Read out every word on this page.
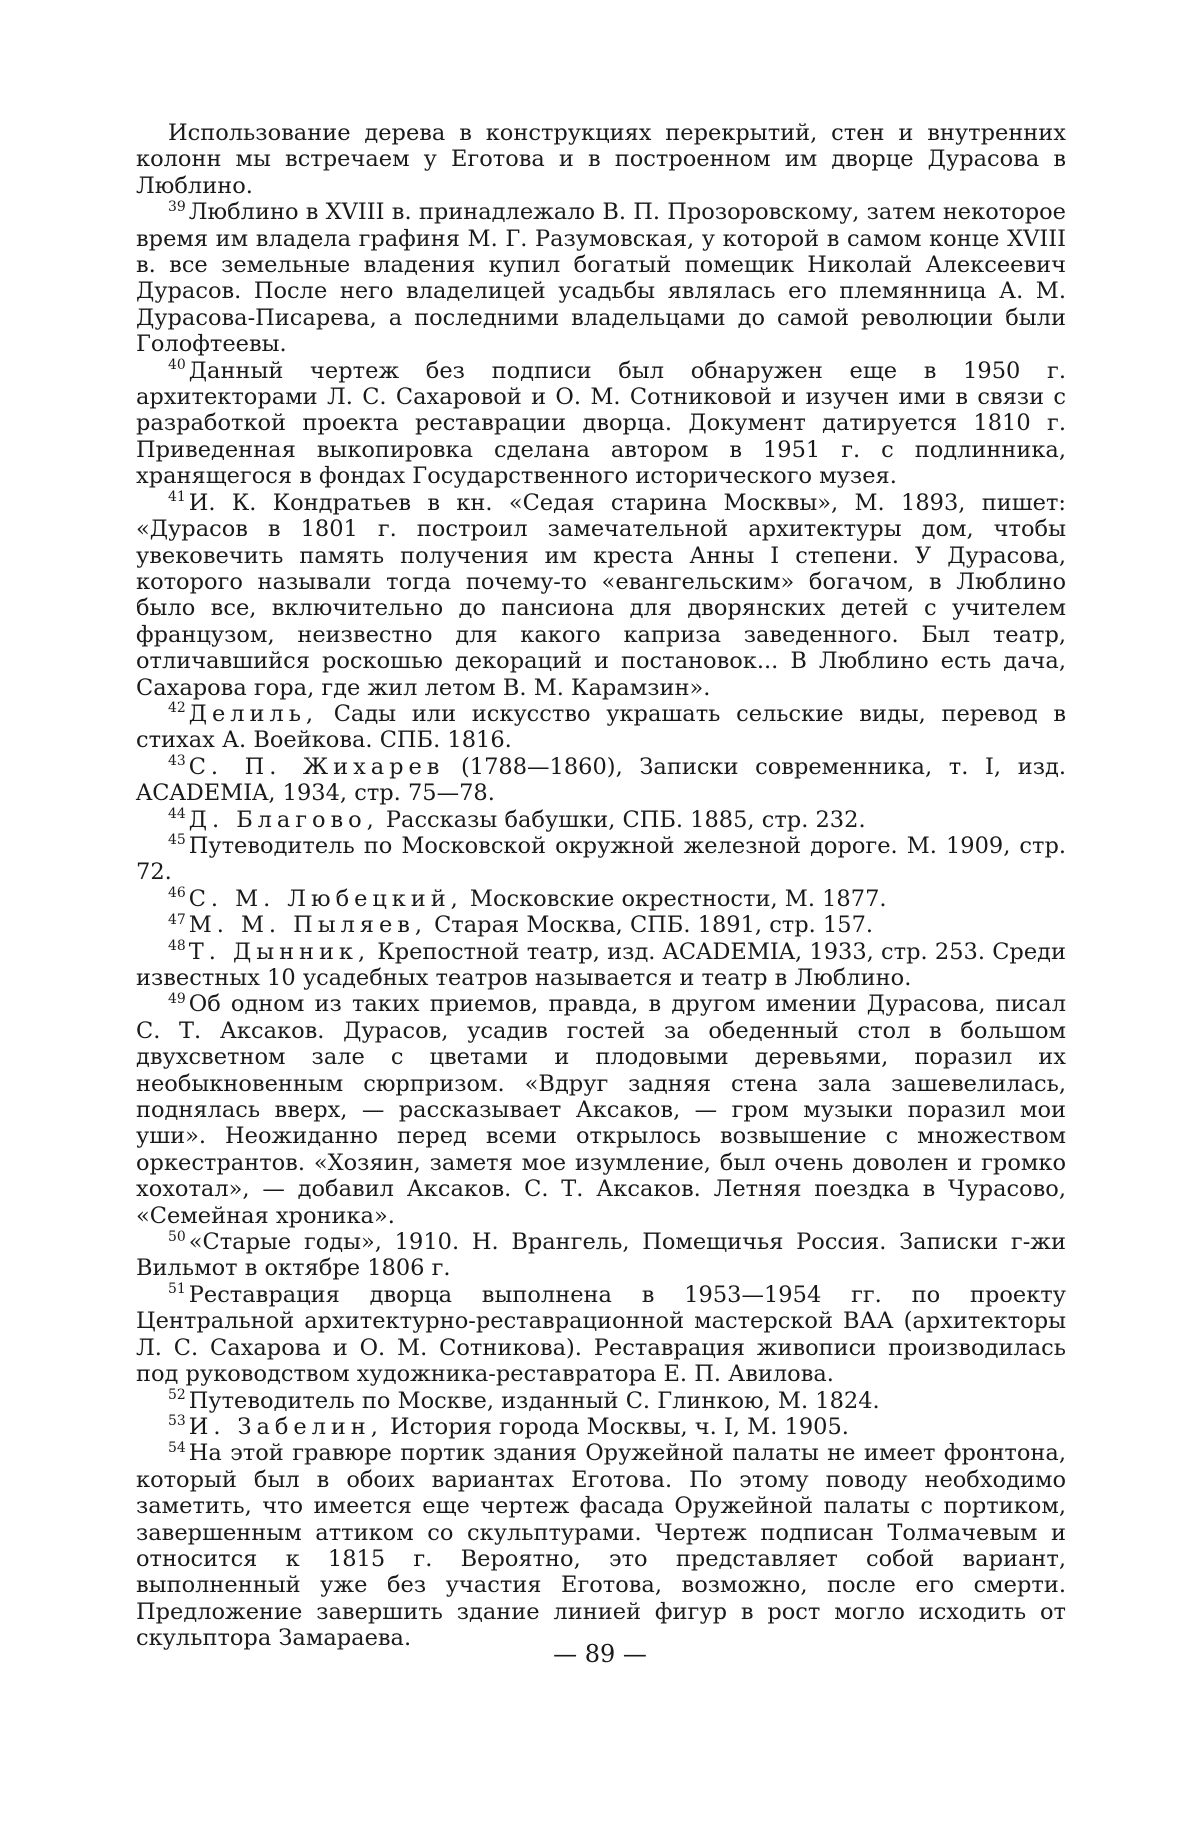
Использование дерева в конструкциях перекрытий, стен и внутренних колонн мы встречаем у Еготова и в построенном им дворце Дурасова в Люблино.

$^{39}$ Люблино в XVIII в. принадлежало В. П. Прозоровскому, затем некоторое время им владела графиня М. Г. Разумовская, у которой в самом конце XVIII в. все земельные владения купил богатый помещик Николай Алексеевич Дурасов. После него владелицей усадьбы являлась его племянница А. М. Дурасова-Писарева, а последними владельцами до самой революции были Голофтеевы.

$^{40}$ Данный чертеж без подписи был обнаружен еще в 1950 г. архитекторами Л. С. Сахаровой и О. М. Сотниковой и изучен ими в связи с разработкой проекта реставрации дворца. Документ датируется 1810 г. Приведенная выкопировка сделана автором в 1951 г. с подлинника, хранящегося в фондах Государственного исторического музея.

$^{41}$ И. К. Кондратьев в кн. «Седая старина Москвы», М. 1893, пишет: «Дурасов в 1801 г. построил замечательной архитектуры дом, чтобы увековечить память получения им креста Анны I степени. У Дурасова, которого называли тогда почему-то «евангельским» богачом, в Люблино было все, включительно до пансиона для дворянских детей с учителем французом, неизвестно для какого каприза заведенного. Был театр, отличавшийся роскошью декораций и постановок... В Люблино есть дача, Сахарова гора, где жил летом В. М. Карамзин».

$^{42}$ Делиль, Сады или искусство украшать сельские виды, перевод в стихах А. Воейкова. СПБ. 1816.

$^{43}$ С. П. Жихарев (1788—1860), Записки современника, т. I, изд. ACADEMIA, 1934, стр. 75—78.

$^{44}$ Д. Благово, Рассказы бабушки, СПБ. 1885, стр. 232.

$^{45}$ Путеводитель по Московской окружной железной дороге. М. 1909, стр. 72.

$^{46}$ С. М. Любецкий, Московские окрестности, М. 1877.

$^{47}$ М. М. Пыляев, Старая Москва, СПБ. 1891, стр. 157.

$^{48}$ Т. Дынник, Крепостной театр, изд. ACADEMIA, 1933, стр. 253. Среди известных 10 усадебных театров называется и театр в Люблино.

$^{49}$ Об одном из таких приемов, правда, в другом имении Дурасова, писал С. Т. Аксаков. Дурасов, усадив гостей за обеденный стол в большом двухсветном зале с цветами и плодовыми деревьями, поразил их необыкновенным сюрпризом. «Вдруг задняя стена зала зашевелилась, поднялась вверх, — рассказывает Аксаков, — гром музыки поразил мои уши». Неожиданно перед всеми открылось возвышение с множеством оркестрантов. «Хозяин, заметя мое изумление, был очень доволен и громко хохотал», — добавил Аксаков. С. Т. Аксаков. Летняя поездка в Чурасово, «Семейная хроника».

$^{50}$ «Старые годы», 1910. Н. Врангель, Помещичья Россия. Записки г-жи Вильмот в октябре 1806 г.

$^{51}$ Реставрация дворца выполнена в 1953—1954 гг. по проекту Центральной архитектурно-реставрационной мастерской ВАА (архитекторы Л. С. Сахарова и О. М. Сотникова). Реставрация живописи производилась под руководством художника-реставратора Е. П. Авилова.

$^{52}$ Путеводитель по Москве, изданный С. Глинкою, М. 1824.

$^{53}$ И. Забелин, История города Москвы, ч. I, М. 1905.

$^{54}$ На этой гравюре портик здания Оружейной палаты не имеет фронтона, который был в обоих вариантах Еготова. По этому поводу необходимо заметить, что имеется еще чертеж фасада Оружейной палаты с портиком, завершенным аттиком со скульптурами. Чертеж подписан Толмачевым и относится к 1815 г. Вероятно, это представляет собой вариант, выполненный уже без участия Еготова, возможно, после его смерти. Предложение завершить здание линией фигур в рост могло исходить от скульптора Замараева.

— 89 —
